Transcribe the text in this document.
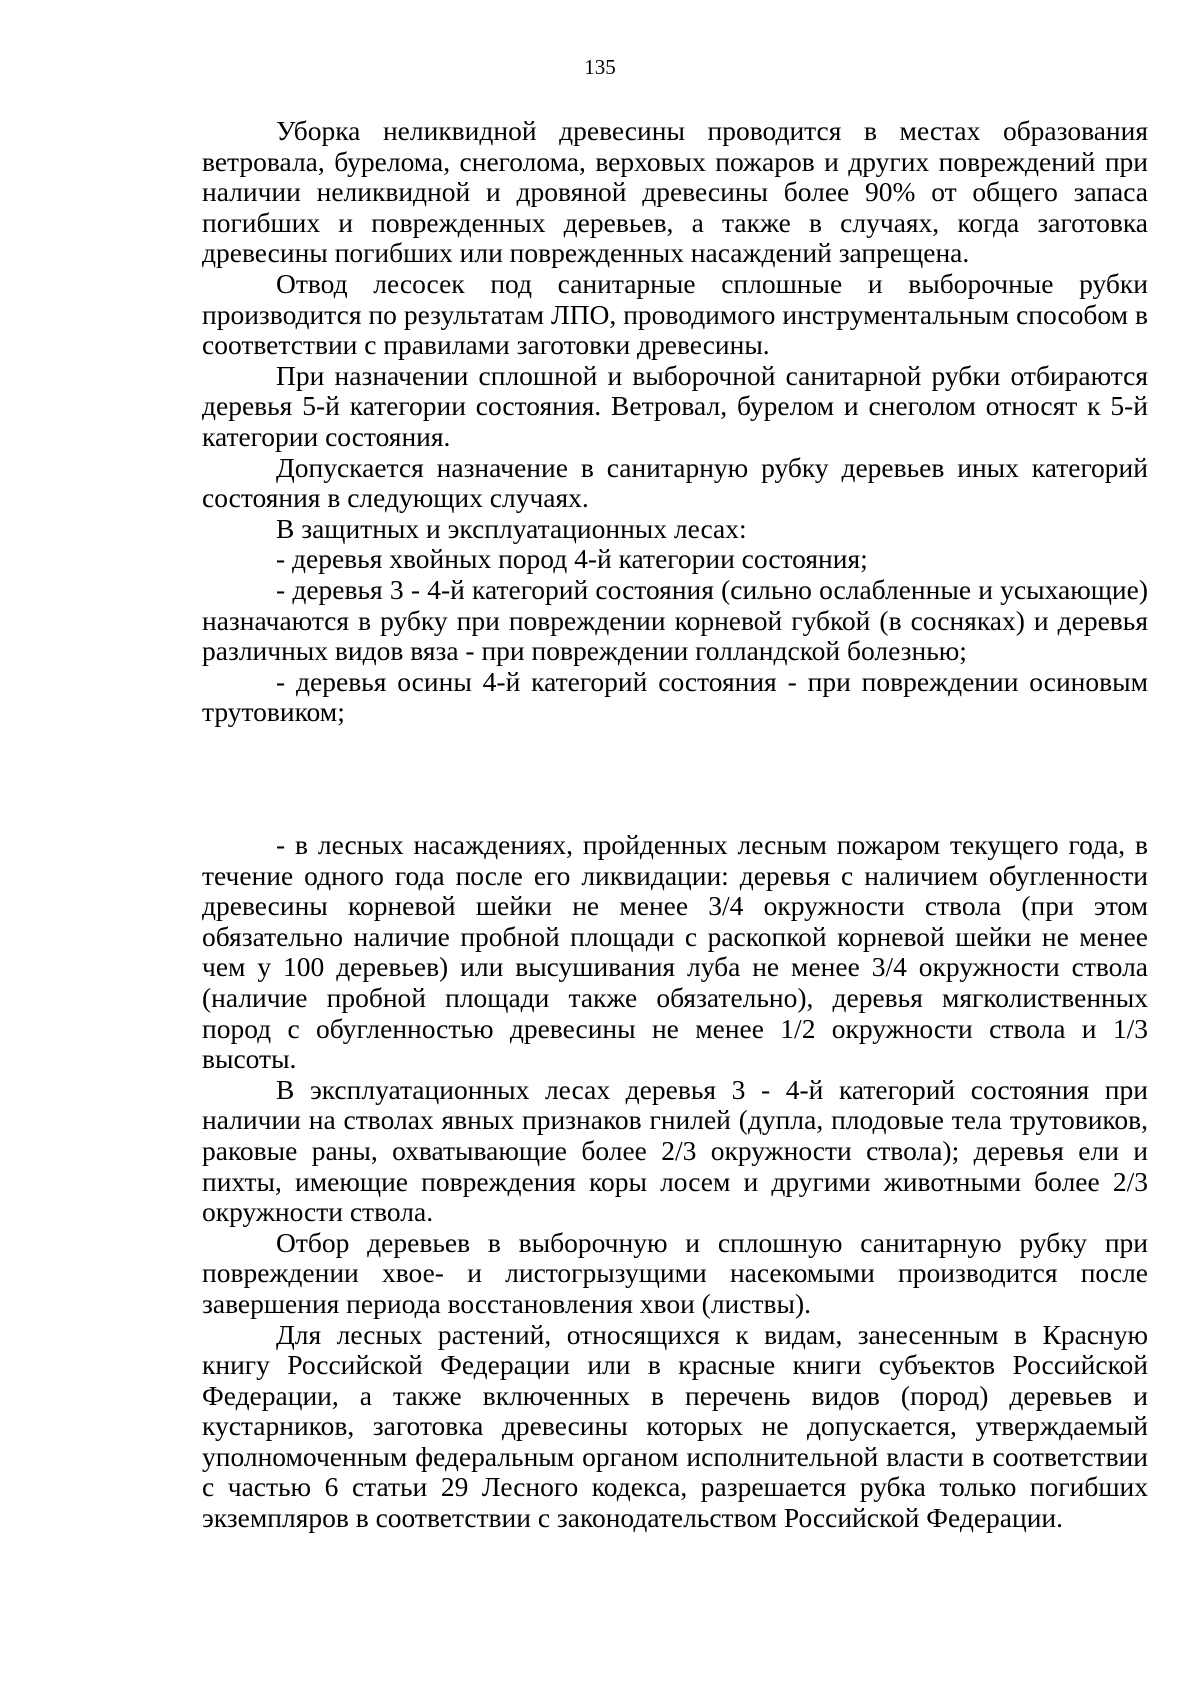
135

Уборка неликвидной древесины проводится в местах образования ветровала, бурелома, снеголома, верховых пожаров и других повреждений при наличии неликвидной и дровяной древесины более 90% от общего запаса погибших и поврежденных деревьев, а также в случаях, когда заготовка древесины погибших или поврежденных насаждений запрещена.

Отвод лесосек под санитарные сплошные и выборочные рубки производится по результатам ЛПО, проводимого инструментальным способом в соответствии с правилами заготовки древесины.

При назначении сплошной и выборочной санитарной рубки отбираются деревья 5-й категории состояния. Ветровал, бурелом и снеголом относят к 5-й категории состояния.

Допускается назначение в санитарную рубку деревьев иных категорий состояния в следующих случаях.

В защитных и эксплуатационных лесах:

- деревья хвойных пород 4-й категории состояния;

- деревья 3 - 4-й категорий состояния (сильно ослабленные и усыхающие) назначаются в рубку при повреждении корневой губкой (в сосняках) и деревья различных видов вяза - при повреждении голландской болезнью;

- деревья осины 4-й категорий состояния - при повреждении осиновым трутовиком;

- в лесных насаждениях, пройденных лесным пожаром текущего года, в течение одного года после его ликвидации: деревья с наличием обугленности древесины корневой шейки не менее 3/4 окружности ствола (при этом обязательно наличие пробной площади с раскопкой корневой шейки не менее чем у 100 деревьев) или высушивания луба не менее 3/4 окружности ствола (наличие пробной площади также обязательно), деревья мягколиственных пород с обугленностью древесины не менее 1/2 окружности ствола и 1/3 высоты.

В эксплуатационных лесах деревья 3 - 4-й категорий состояния при наличии на стволах явных признаков гнилей (дупла, плодовые тела трутовиков, раковые раны, охватывающие более 2/3 окружности ствола); деревья ели и пихты, имеющие повреждения коры лосем и другими животными более 2/3 окружности ствола.

Отбор деревьев в выборочную и сплошную санитарную рубку при повреждении хвое- и листогрызущими насекомыми производится после завершения периода восстановления хвои (листвы).

Для лесных растений, относящихся к видам, занесенным в Красную книгу Российской Федерации или в красные книги субъектов Российской Федерации, а также включенных в перечень видов (пород) деревьев и кустарников, заготовка древесины которых не допускается, утверждаемый уполномоченным федеральным органом исполнительной власти в соответствии с частью 6 статьи 29 Лесного кодекса, разрешается рубка только погибших экземпляров в соответствии с законодательством Российской Федерации.
